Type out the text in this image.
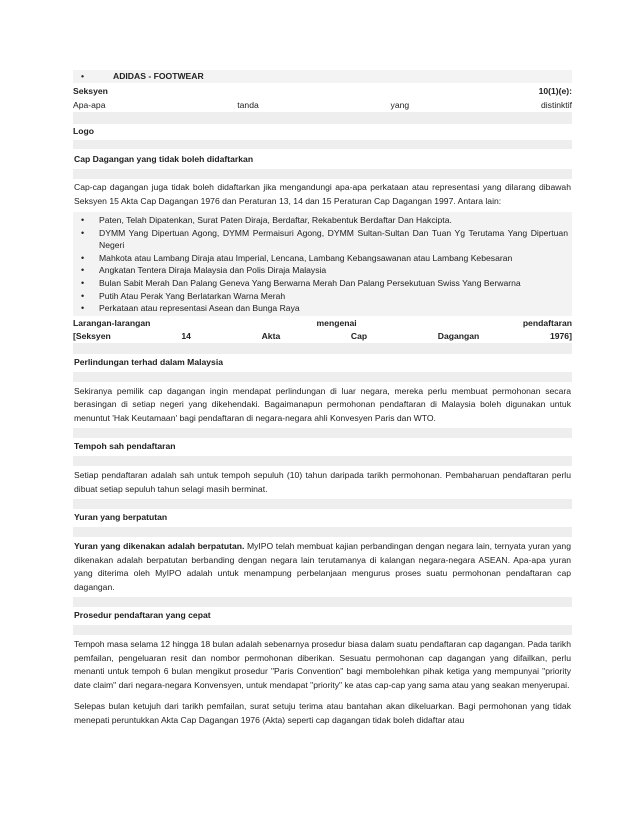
•	ADIDAS - FOOTWEAR
Seksyen	10(1)(e):
Apa-apa	tanda	yang	distinktif
Logo
Cap Dagangan yang tidak boleh didaftarkan
Cap-cap dagangan juga tidak boleh didaftarkan jika mengandungi apa-apa perkataan atau representasi yang dilarang dibawah Seksyen 15 Akta Cap Dagangan 1976 dan Peraturan 13, 14 dan 15 Peraturan Cap Dagangan 1997. Antara lain:
•	Paten, Telah Dipatenkan, Surat Paten Diraja, Berdaftar, Rekabentuk Berdaftar Dan Hakcipta.
•	DYMM Yang Dipertuan Agong, DYMM Permaisuri Agong, DYMM Sultan-Sultan Dan Tuan Yg Terutama Yang Dipertuan Negeri
•	Mahkota atau Lambang Diraja atau Imperial, Lencana, Lambang Kebangsawanan atau Lambang Kebesaran
•	Angkatan Tentera Diraja Malaysia dan Polis Diraja Malaysia
•	Bulan Sabit Merah Dan Palang Geneva Yang Berwarna Merah Dan Palang Persekutuan Swiss Yang Berwarna
•	Putih Atau Perak Yang Berlatarkan Warna Merah
•	Perkataan atau representasi Asean dan Bunga Raya
Larangan-larangan	mengenai	pendaftaran
[Seksyen	14	Akta	Cap	Dagangan	1976]
Perlindungan terhad dalam Malaysia
Sekiranya pemilik cap dagangan ingin mendapat perlindungan di luar negara, mereka perlu membuat permohonan secara berasingan di setiap negeri yang dikehendaki. Bagaimanapun permohonan pendaftaran di Malaysia boleh digunakan untuk menuntut 'Hak Keutamaan' bagi pendaftaran di negara-negara ahli Konvesyen Paris dan WTO.
Tempoh sah pendaftaran
Setiap pendaftaran adalah sah untuk tempoh sepuluh (10) tahun daripada tarikh permohonan. Pembaharuan pendaftaran perlu dibuat setiap sepuluh tahun selagi masih berminat.
Yuran yang berpatutan
Yuran yang dikenakan adalah berpatutan. MyIPO telah membuat kajian perbandingan dengan negara lain, ternyata yuran yang dikenakan adalah berpatutan berbanding dengan negara lain terutamanya di kalangan negara-negara ASEAN. Apa-apa yuran yang diterima oleh MyIPO adalah untuk menampung perbelanjaan mengurus proses suatu permohonan pendaftaran cap dagangan.
Prosedur pendaftaran yang cepat
Tempoh masa selama 12 hingga 18 bulan adalah sebenarnya prosedur biasa dalam suatu pendaftaran cap dagangan. Pada tarikh pemfailan, pengeluaran resit dan nombor permohonan diberikan. Sesuatu permohonan cap dagangan yang difailkan, perlu menanti untuk tempoh 6 bulan mengikut prosedur "Paris Convention" bagi membolehkan pihak ketiga yang mempunyai "priority date claim" dari negara-negara Konvensyen, untuk mendapat "priority" ke atas cap-cap yang sama atau yang seakan menyerupai.
Selepas bulan ketujuh dari tarikh pemfailan, surat setuju terima atau bantahan akan dikeluarkan. Bagi permohonan yang tidak menepati peruntukkan Akta Cap Dagangan 1976 (Akta) seperti cap dagangan tidak boleh didaftar atau
